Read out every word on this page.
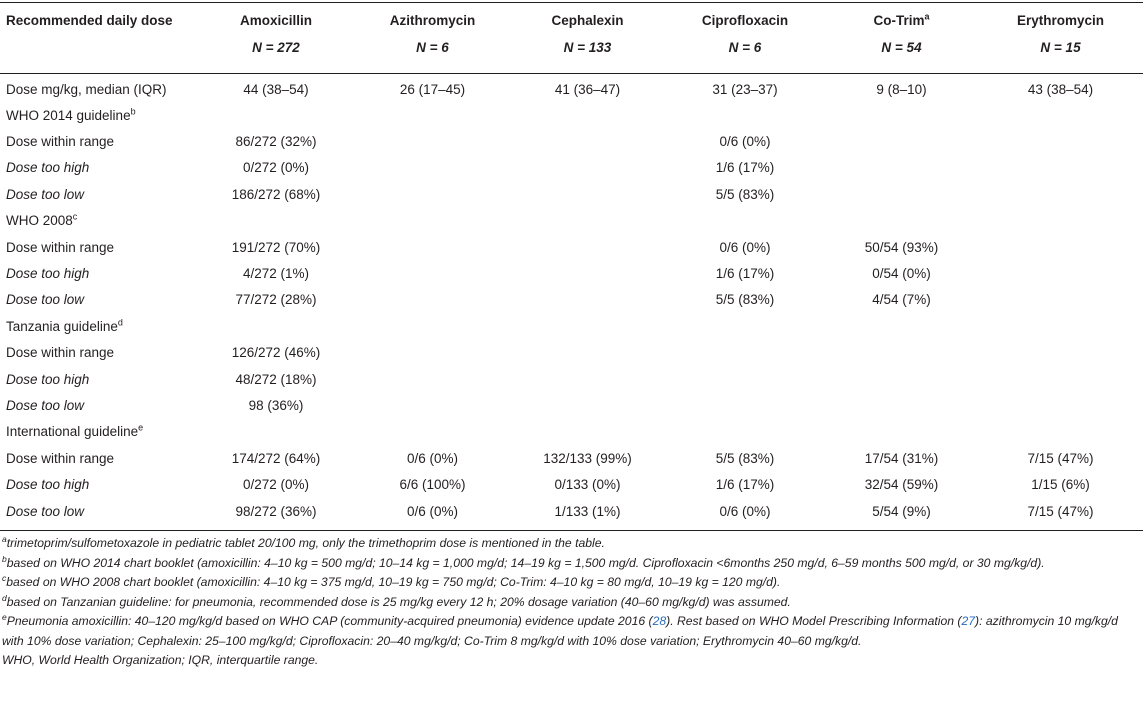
Recommended daily dose	Amoxicillin	Azithromycin	Cephalexin	Ciprofloxacin	Co-Trim$^a$	Erythromycin
	N = 272	N = 6	N = 133	N = 6	N = 54	N = 15
Dose mg/kg, median (IQR)	44 (38–54)	26 (17–45)	41 (36–47)	31 (23–37)	9 (8–10)	43 (38–54)
WHO 2014 guideline$^b$						
Dose within range	86/272 (32%)			0/6 (0%)		
Dose too high	0/272 (0%)			1/6 (17%)		
Dose too low	186/272 (68%)			5/5 (83%)		
WHO 2008$^c$						
Dose within range	191/272 (70%)			0/6 (0%)	50/54 (93%)	
Dose too high	4/272 (1%)			1/6 (17%)	0/54 (0%)	
Dose too low	77/272 (28%)			5/5 (83%)	4/54 (7%)	
Tanzania guideline$^d$						
Dose within range	126/272 (46%)					
Dose too high	48/272 (18%)					
Dose too low	98 (36%)					
International guideline$^e$						
Dose within range	174/272 (64%)	0/6 (0%)	132/133 (99%)	5/5 (83%)	17/54 (31%)	7/15 (47%)
Dose too high	0/272 (0%)	6/6 (100%)	0/133 (0%)	1/6 (17%)	32/54 (59%)	1/15 (6%)
Dose too low	98/272 (36%)	0/6 (0%)	1/133 (1%)	0/6 (0%)	5/54 (9%)	7/15 (47%)

$^a$trimetoprim/sulfometoxazole in pediatric tablet 20/100 mg, only the trimethoprim dose is mentioned in the table.

$^b$based on WHO 2014 chart booklet (amoxicillin: 4–10 kg = 500 mg/d; 10–14 kg = 1,000 mg/d; 14–19 kg = 1,500 mg/d. Ciprofloxacin <6months 250 mg/d, 6–59 months 500 mg/d, or 30 mg/kg/d).

$^c$based on WHO 2008 chart booklet (amoxicillin: 4–10 kg = 375 mg/d, 10–19 kg = 750 mg/d; Co-Trim: 4–10 kg = 80 mg/d, 10–19 kg = 120 mg/d).

$^d$based on Tanzanian guideline: for pneumonia, recommended dose is 25 mg/kg every 12 h; 20% dosage variation (40–60 mg/kg/d) was assumed.

$^e$Pneumonia amoxicillin: 40–120 mg/kg/d based on WHO CAP (community-acquired pneumonia) evidence update 2016 (28). Rest based on WHO Model Prescribing Information (27): azithromycin 10 mg/kg/d with 10% dose variation; Cephalexin: 25–100 mg/kg/d; Ciprofloxacin: 20–40 mg/kg/d; Co-Trim 8 mg/kg/d with 10% dose variation; Erythromycin 40–60 mg/kg/d.

WHO, World Health Organization; IQR, interquartile range.
